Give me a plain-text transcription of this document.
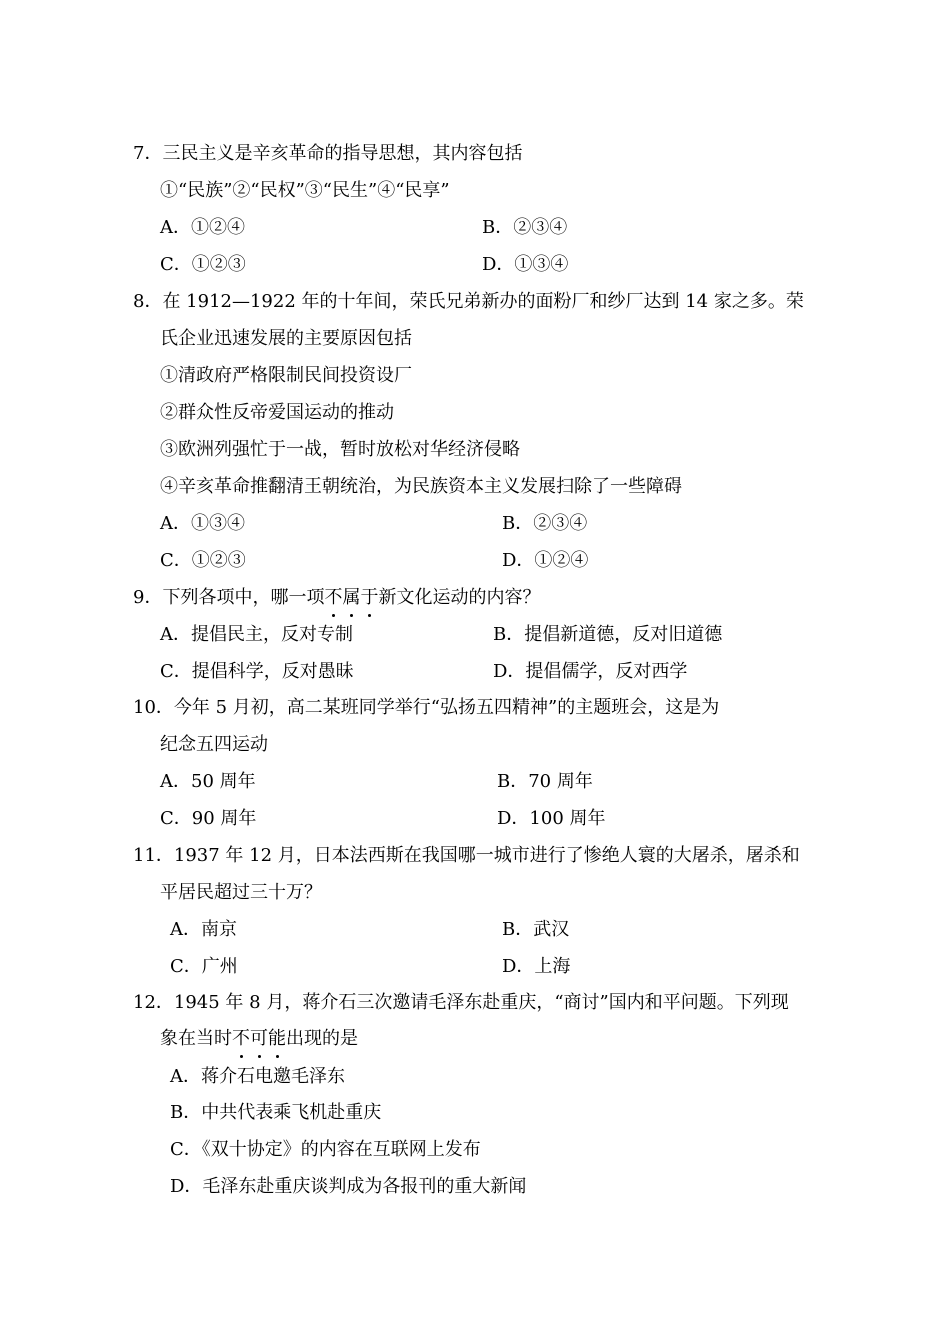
7．三民主义是辛亥革命的指导思想，其内容包括
①“民族”②“民权”③“民生”④“民享”
A．①②④	B．②③④
C．①②③	D．①③④
8．在 1912—1922 年的十年间，荣氏兄弟新办的面粉厂和纱厂达到 14 家之多。荣
氏企业迅速发展的主要原因包括
①清政府严格限制民间投资设厂
②群众性反帝爱国运动的推动
③欧洲列强忙于一战，暂时放松对华经济侵略
④辛亥革命推翻清王朝统治，为民族资本主义发展扫除了一些障碍
A．①③④	B．②③④
C．①②③	D．①②④
9．下列各项中，哪一项不属于新文化运动的内容？
A．提倡民主，反对专制	B．提倡新道德，反对旧道德
C．提倡科学，反对愚昧	D．提倡儒学，反对西学
10．今年 5 月初，高二某班同学举行“弘扬五四精神”的主题班会，这是为
纪念五四运动
A．50 周年	B．70 周年
C．90 周年	D．100 周年
11．1937 年 12 月，日本法西斯在我国哪一城市进行了惨绝人寰的大屠杀，屠杀和
平居民超过三十万？
A．南京	B．武汉
C．广州	D．上海
12．1945 年 8 月，蒋介石三次邀请毛泽东赴重庆，“商讨”国内和平问题。下列现
象在当时不可能出现的是
A．蒋介石电邀毛泽东
B．中共代表乘飞机赴重庆
C．《双十协定》的内容在互联网上发布
D．毛泽东赴重庆谈判成为各报刊的重大新闻
